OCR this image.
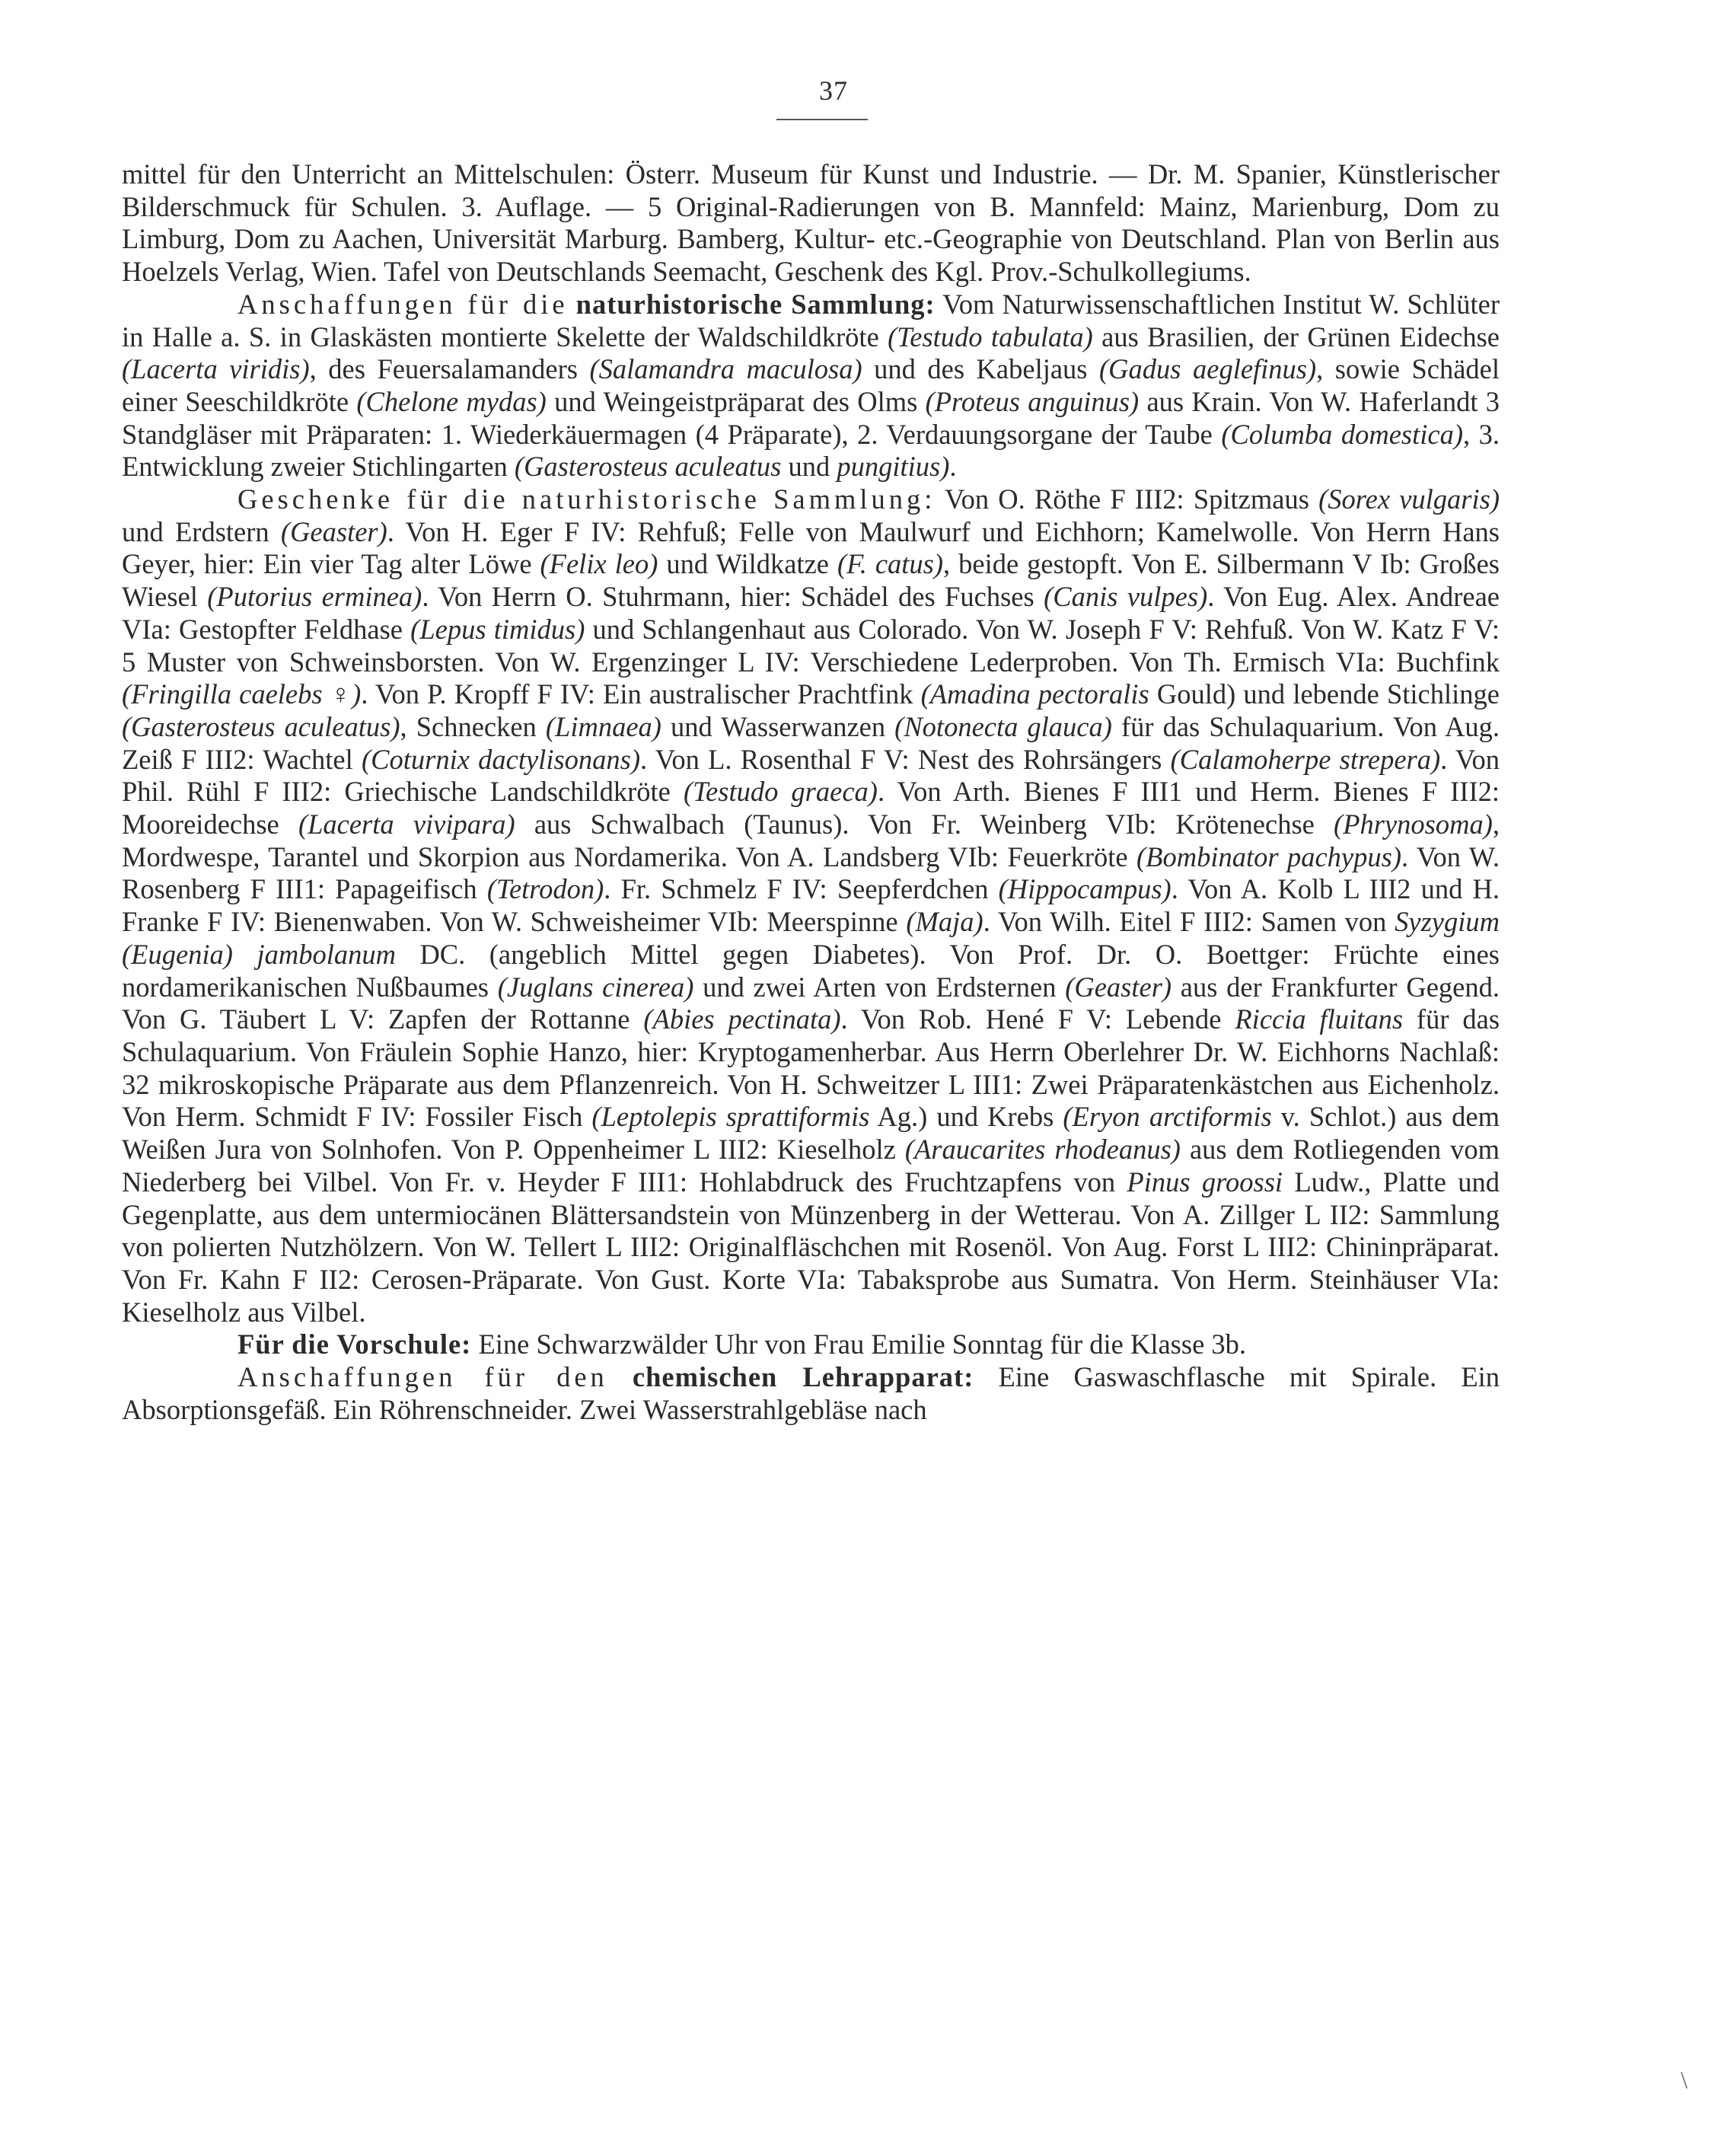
37

mittel für den Unterricht an Mittelschulen: Österr. Museum für Kunst und Industrie. — Dr. M. Spanier, Künstlerischer Bilderschmuck für Schulen. 3. Auflage. — 5 Original-Radierungen von B. Mannfeld: Mainz, Marienburg, Dom zu Limburg, Dom zu Aachen, Universität Marburg. Bamberg, Kultur- etc.-Geographie von Deutschland. Plan von Berlin aus Hoelzels Verlag, Wien. Tafel von Deutschlands Seemacht, Geschenk des Kgl. Prov.-Schulkollegiums.

Anschaffungen für die naturhistorische Sammlung: Vom Naturwissenschaftlichen Institut W. Schlüter in Halle a. S. in Glaskästen montierte Skelette der Waldschildkröte (Testudo tabulata) aus Brasilien, der Grünen Eidechse (Lacerta viridis), des Feuersalamanders (Salamandra maculosa) und des Kabeljaus (Gadus aeglefinus), sowie Schädel einer Seeschildkröte (Chelone mydas) und Weingeistpräparat des Olms (Proteus anguinus) aus Krain. Von W. Haferlandt 3 Standgläser mit Präparaten: 1. Wiederkäuermagen (4 Präparate), 2. Verdauungsorgane der Taube (Columba domestica), 3. Entwicklung zweier Stichlingarten (Gasterosteus aculeatus und pungitius).

Geschenke für die naturhistorische Sammlung: Von O. Röthe F III2: Spitzmaus (Sorex vulgaris) und Erdstern (Geaster). Von H. Eger F IV: Rehfuß; Felle von Maulwurf und Eichhorn; Kamelwolle. Von Herrn Hans Geyer, hier: Ein vier Tag alter Löwe (Felix leo) und Wildkatze (F. catus), beide gestopft. Von E. Silbermann V Ib: Großes Wiesel (Putorius erminea). Von Herrn O. Stuhrmann, hier: Schädel des Fuchses (Canis vulpes). Von Eug. Alex. Andreae VIa: Gestopfter Feldhase (Lepus timidus) und Schlangenhaut aus Colorado. Von W. Joseph F V: Rehfuß. Von W. Katz F V: 5 Muster von Schweinsborsten. Von W. Ergenzinger L IV: Verschiedene Lederproben. Von Th. Ermisch VIa: Buchfink (Fringilla caelebs ♀). Von P. Kropff F IV: Ein australischer Prachtfink (Amadina pectoralis Gould) und lebende Stichlinge (Gasterosteus aculeatus), Schnecken (Limnaea) und Wasserwanzen (Notonecta glauca) für das Schulaquarium. Von Aug. Zeiß F III2: Wachtel (Coturnix dactylisonans). Von L. Rosenthal F V: Nest des Rohrsängers (Calamoherpe strepera). Von Phil. Rühl F III2: Griechische Landschildkröte (Testudo graeca). Von Arth. Bienes F III1 und Herm. Bienes F III2: Mooreidechse (Lacerta vivipara) aus Schwalbach (Taunus). Von Fr. Weinberg VIb: Krötenechse (Phrynosoma), Mordwespe, Tarantel und Skorpion aus Nordamerika. Von A. Landsberg VIb: Feuerkröte (Bombinator pachypus). Von W. Rosenberg F III1: Papageifisch (Tetrodon). Fr. Schmelz F IV: Seepferdchen (Hippocampus). Von A. Kolb L III2 und H. Franke F IV: Bienenwaben. Von W. Schweisheimer VIb: Meerspinne (Maja). Von Wilh. Eitel F III2: Samen von Syzygium (Eugenia) jambolanum DC. (angeblich Mittel gegen Diabetes). Von Prof. Dr. O. Boettger: Früchte eines nordamerikanischen Nußbaumes (Juglans cinerea) und zwei Arten von Erdsternen (Geaster) aus der Frankfurter Gegend. Von G. Täubert L V: Zapfen der Rottanne (Abies pectinata). Von Rob. Hené F V: Lebende Riccia fluitans für das Schulaquarium. Von Fräulein Sophie Hanzo, hier: Kryptogamenherbar. Aus Herrn Oberlehrer Dr. W. Eichhorns Nachlaß: 32 mikroskopische Präparate aus dem Pflanzenreich. Von H. Schweitzer L III1: Zwei Präparatenkästchen aus Eichenholz. Von Herm. Schmidt F IV: Fossiler Fisch (Leptolepis sprattiformis Ag.) und Krebs (Eryon arctiformis v. Schlot.) aus dem Weißen Jura von Solnhofen. Von P. Oppenheimer L III2: Kieselholz (Araucarites rhodeanus) aus dem Rotliegenden vom Niederberg bei Vilbel. Von Fr. v. Heyder F III1: Hohlabdruck des Fruchtzapfens von Pinus groossi Ludw., Platte und Gegenplatte, aus dem untermiocänen Blättersandstein von Münzenberg in der Wetterau. Von A. Zillger L II2: Sammlung von polierten Nutzhölzern. Von W. Tellert L III2: Originalfläschchen mit Rosenöl. Von Aug. Forst L III2: Chininpräparat. Von Fr. Kahn F II2: Cerosen-Präparate. Von Gust. Korte VIa: Tabaksprobe aus Sumatra. Von Herm. Steinhäuser VIa: Kieselholz aus Vilbel.

Für die Vorschule: Eine Schwarzwälder Uhr von Frau Emilie Sonntag für die Klasse 3b.

Anschaffungen für den chemischen Lehrapparat: Eine Gaswaschflasche mit Spirale. Ein Absorptionsgefäß. Ein Röhrenschneider. Zwei Wasserstrahlgebläse nach

\
